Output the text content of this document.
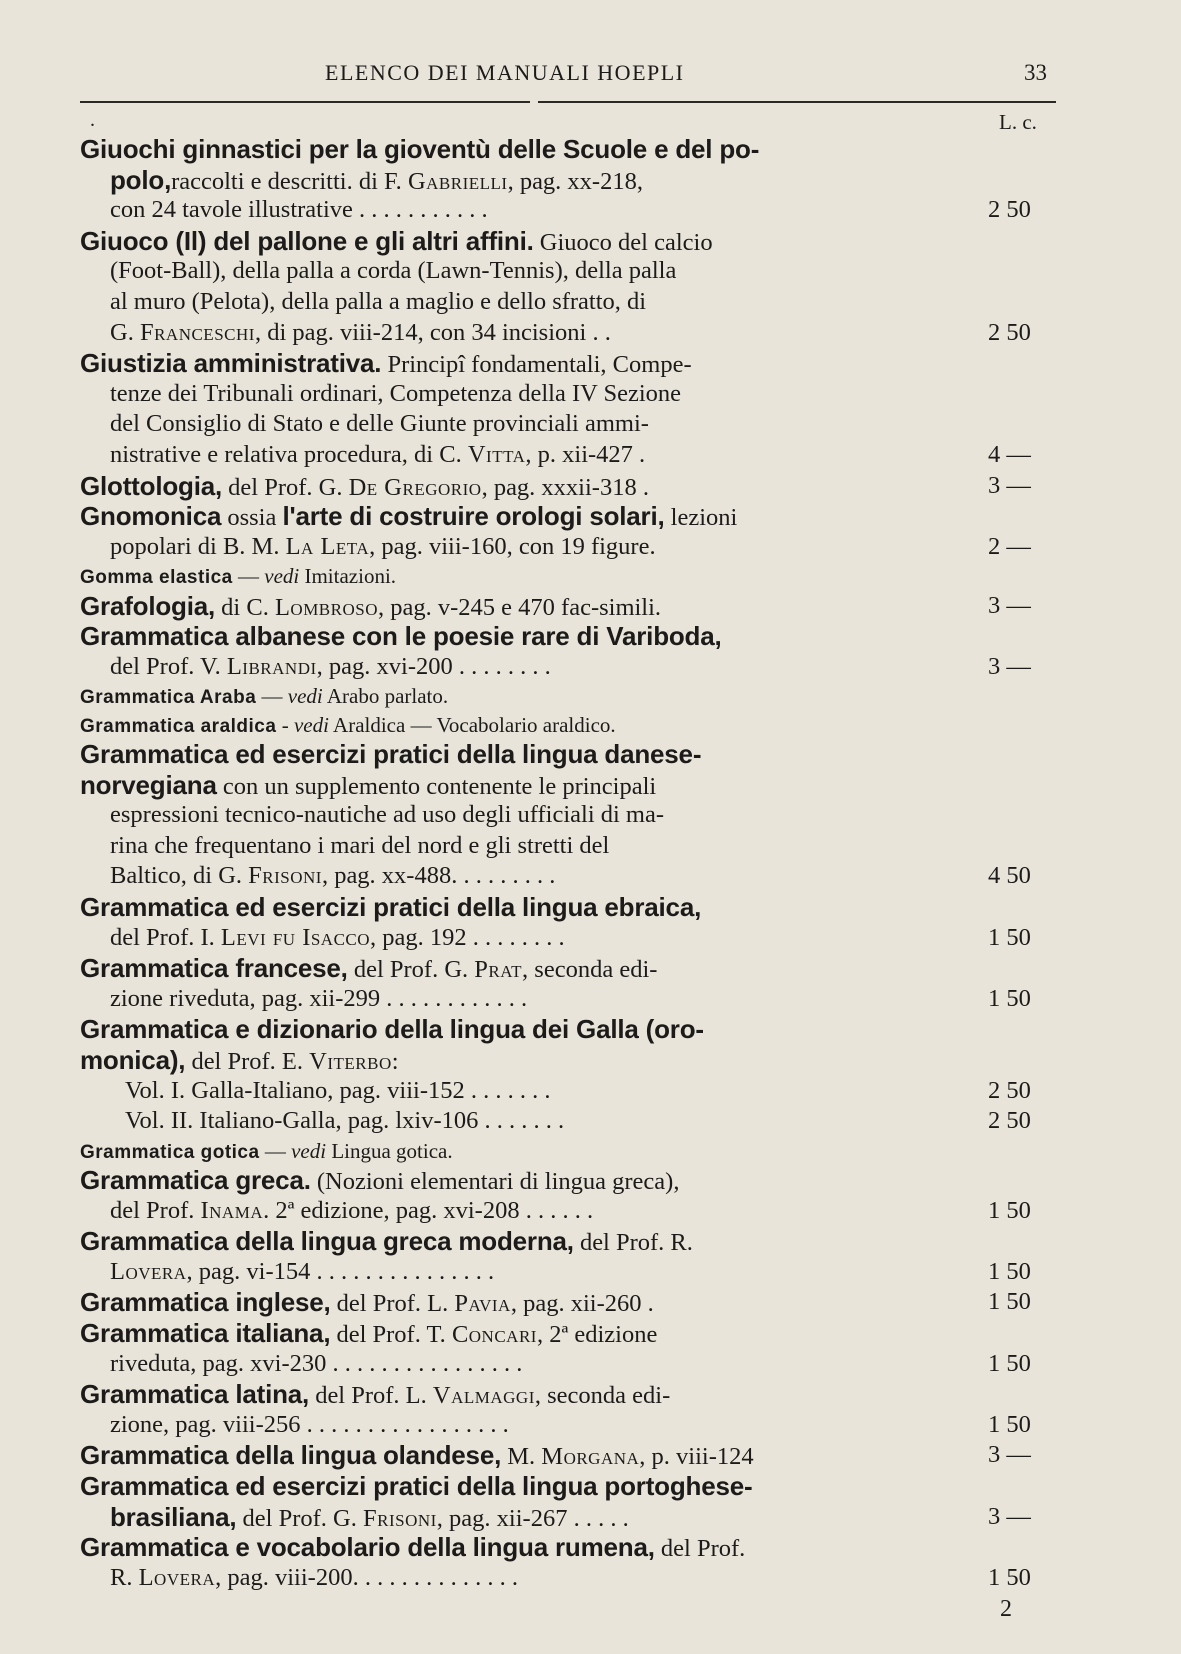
ELENCO DEI MANUALI HOEPLI	33
.	L. c.
Giuochi ginnastici per la gioventù delle Scuole e del po-
polo,raccolti e descritti. di F. Gabrielli, pag. xx-218,
con 24 tavole illustrative . . . . . . . . . . .	2 50
Giuoco (Il) del pallone e gli altri affini. Giuoco del calcio
(Foot-Ball), della palla a corda (Lawn-Tennis), della palla
al muro (Pelota), della palla a maglio e dello sfratto, di
G. Franceschi, di pag. viii-214, con 34 incisioni . .	2 50
Giustizia amministrativa. Principî fondamentali, Compe-
tenze dei Tribunali ordinari, Competenza della IV Sezione
del Consiglio di Stato e delle Giunte provinciali ammi-
nistrative e relativa procedura, di C. Vitta, p. xii-427 .	4 —
Glottologia, del Prof. G. De Gregorio, pag. xxxii-318 .	3 —
Gnomonica ossia l'arte di costruire orologi solari, lezioni
popolari di B. M. La Leta, pag. viii-160, con 19 figure.	2 —
Gomma elastica — vedi Imitazioni.
Grafologia, di C. Lombroso, pag. v-245 e 470 fac-simili.	3 —
Grammatica albanese con le poesie rare di Variboda,
del Prof. V. Librandi, pag. xvi-200 . . . . . . . .	3 —
Grammatica Araba — vedi Arabo parlato.
Grammatica araldica - vedi Araldica — Vocabolario araldico.
Grammatica ed esercizi pratici della lingua danese-
norvegiana con un supplemento contenente le principali
espressioni tecnico-nautiche ad uso degli ufficiali di ma-
rina che frequentano i mari del nord e gli stretti del
Baltico, di G. Frisoni, pag. xx-488. . . . . . . . .	4 50
Grammatica ed esercizi pratici della lingua ebraica,
del Prof. I. Levi fu Isacco, pag. 192 . . . . . . . .	1 50
Grammatica francese, del Prof. G. Prat, seconda edi-
zione riveduta, pag. xii-299 . . . . . . . . . . . .	1 50
Grammatica e dizionario della lingua dei Galla (oro-
monica), del Prof. E. Viterbo:
Vol. I. Galla-Italiano, pag. viii-152 . . . . . . .	2 50
Vol. II. Italiano-Galla, pag. lxiv-106 . . . . . . .	2 50
Grammatica gotica — vedi Lingua gotica.
Grammatica greca. (Nozioni elementari di lingua greca),
del Prof. Inama. 2ª edizione, pag. xvi-208 . . . . . .	1 50
Grammatica della lingua greca moderna, del Prof. R.
Lovera, pag. vi-154 . . . . . . . . . . . . . . .	1 50
Grammatica inglese, del Prof. L. Pavia, pag. xii-260 .	1 50
Grammatica italiana, del Prof. T. Concari, 2ª edizione
riveduta, pag. xvi-230 . . . . . . . . . . . . . . . .	1 50
Grammatica latina, del Prof. L. Valmaggi, seconda edi-
zione, pag. viii-256 . . . . . . . . . . . . . . . . .	1 50
Grammatica della lingua olandese, M. Morgana, p. viii-124	3 —
Grammatica ed esercizi pratici della lingua portoghese-
brasiliana, del Prof. G. Frisoni, pag. xii-267 . . . . .	3 —
Grammatica e vocabolario della lingua rumena, del Prof.
R. Lovera, pag. viii-200. . . . . . . . . . . . . .	1 50
2
